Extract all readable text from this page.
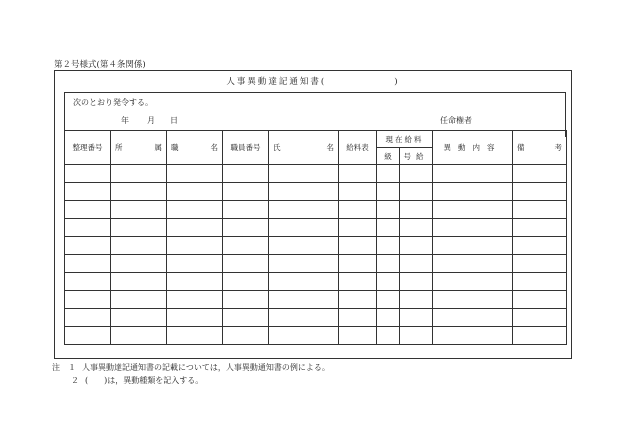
第２号様式(第４条関係)
人事異動達記通知書(	)
次のとおり発令する。
年 月 日	任命権者
整理番号	所 属	職 名	職員番号	氏 名	給料表	現在給料		異動内容	備 考

						級	号給		

注 １ 人事異動達記通知書の記載については，人事異動通知書の例による。
２ (　　)は，異動種類を記入する。
